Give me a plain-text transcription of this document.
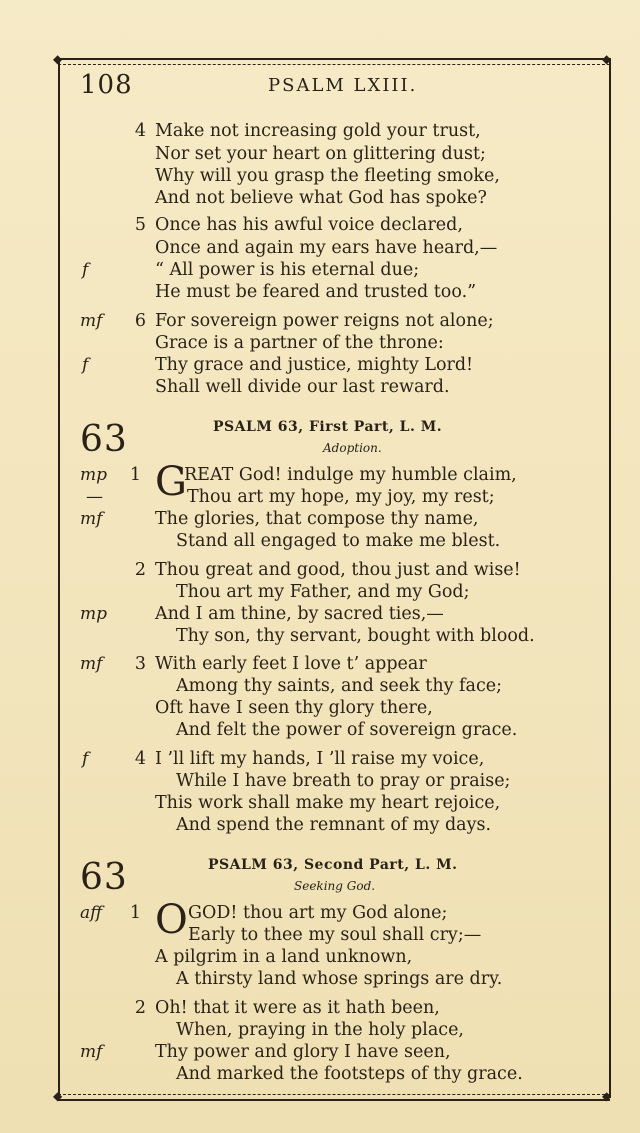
◆	◆
◆	◆
108	PSALM LXIII.
4 Make not increasing gold your trust,
Nor set your heart on glittering dust;
Why will you grasp the fleeting smoke,
And not believe what God has spoke?
5 Once has his awful voice declared,
Once and again my ears have heard,—
f	“ All power is his eternal due;
He must be feared and trusted too.”
mf	6 For sovereign power reigns not alone;
Grace is a partner of the throne:
f	Thy grace and justice, mighty Lord!
Shall well divide our last reward.
63	PSALM 63, First Part, L. M.
Adoption.
mp	1 G
REAT God! indulge my humble claim,
—	Thou art my hope, my joy, my rest;
mf	The glories, that compose thy name,
Stand all engaged to make me blest.
2 Thou great and good, thou just and wise!
Thou art my Father, and my God;
mp	And I am thine, by sacred ties,—
Thy son, thy servant, bought with blood.
mf	3 With early feet I love t’ appear
Among thy saints, and seek thy face;
Oft have I seen thy glory there,
And felt the power of sovereign grace.
f	4 I ’ll lift my hands, I ’ll raise my voice,
While I have breath to pray or praise;
This work shall make my heart rejoice,
And spend the remnant of my days.
63	PSALM 63, Second Part, L. M.
Seeking God.
aff	1 O GOD! thou art my God alone;
Early to thee my soul shall cry;—
A pilgrim in a land unknown,
A thirsty land whose springs are dry.
2 Oh! that it were as it hath been,
When, praying in the holy place,
mf	Thy power and glory I have seen,
And marked the footsteps of thy grace.
